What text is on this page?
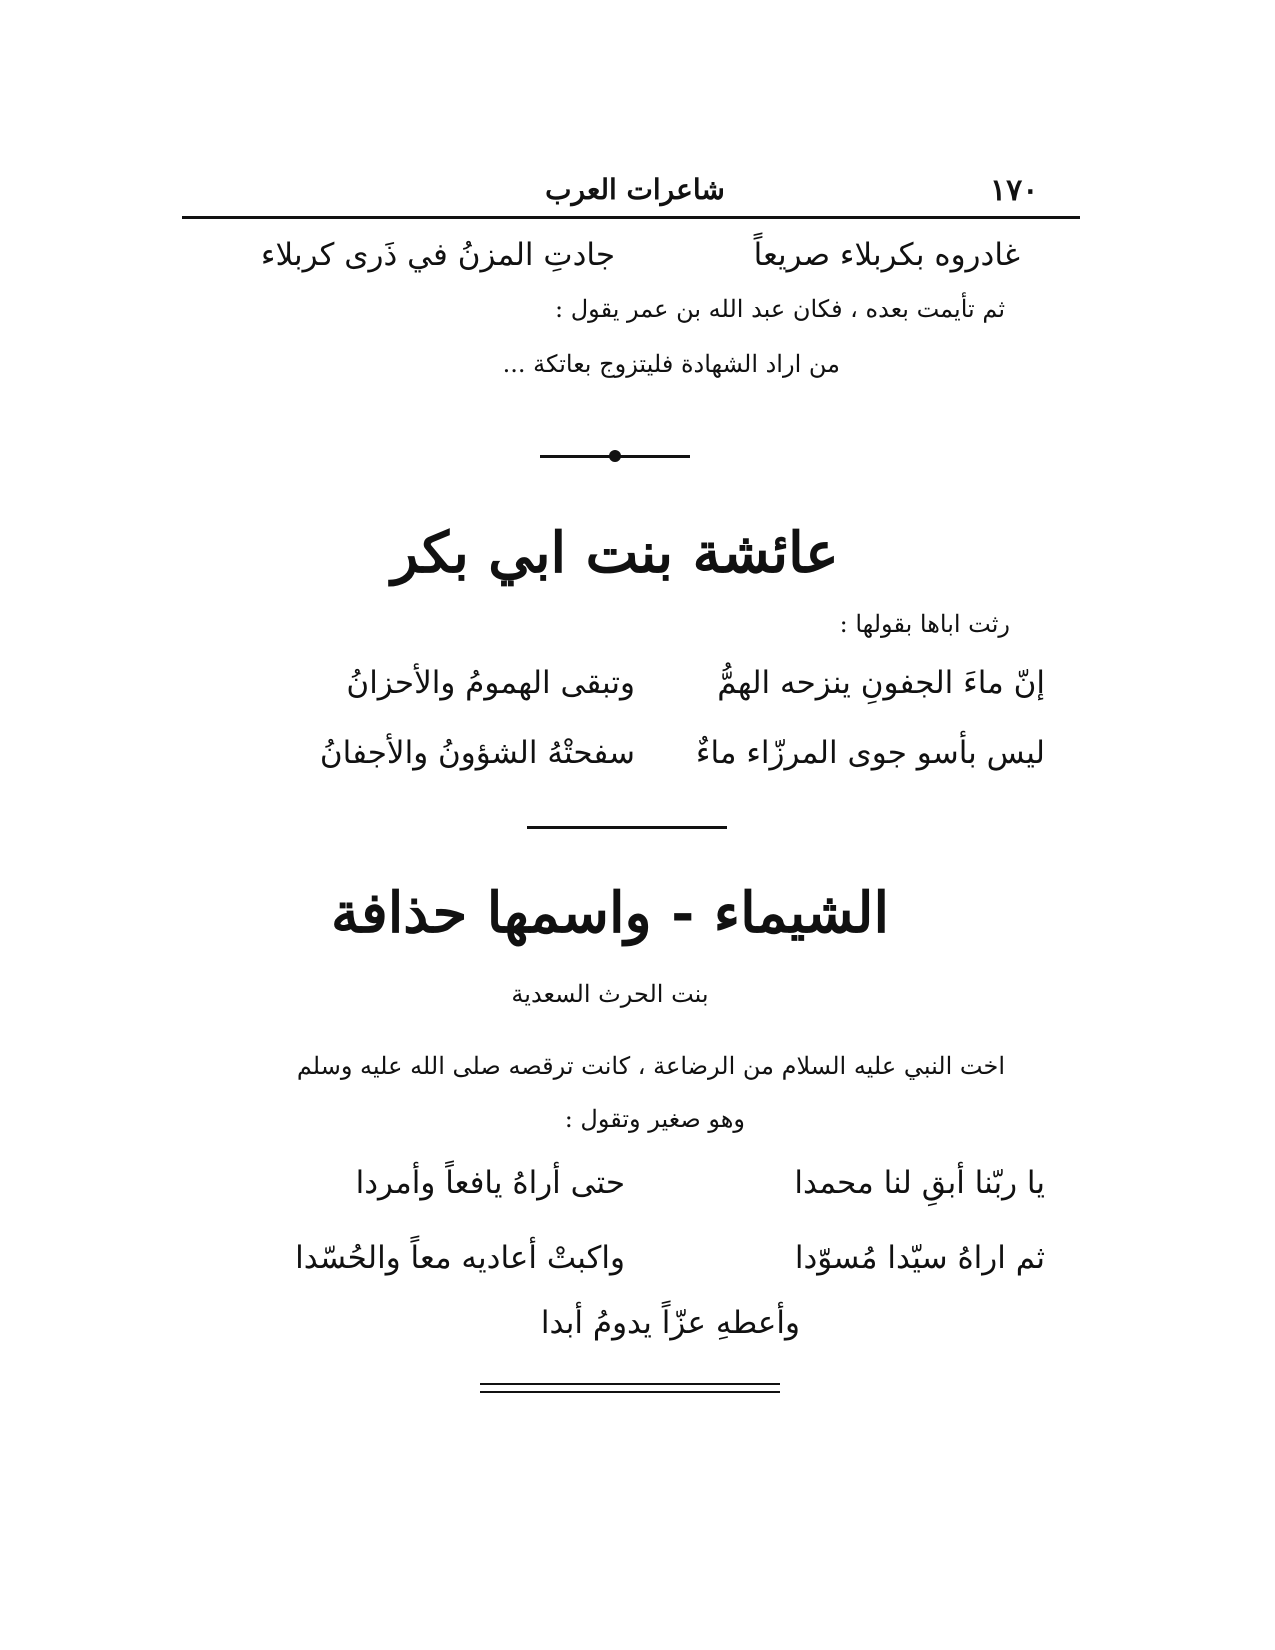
١٧٠
شاعرات العرب
غادروه بكربلاء صريعاً
جادتِ المزنُ في ذَرى كربلاء
ثم تأيمت بعده ، فكان عبد الله بن عمر يقول :
من اراد الشهادة فليتزوج بعاتكة ...
عائشة بنت ابي بكر
رثت اباها بقولها :
إنّ ماءَ الجفونِ ينزحه الهمُّ
وتبقى الهمومُ والأحزانُ
ليس بأسو جوى المرزّاء ماءٌ
سفحتْهُ الشؤونُ والأجفانُ
الشيماء - واسمها حذافة
بنت الحرث السعدية
اخت النبي عليه السلام من الرضاعة ، كانت ترقصه صلى الله عليه وسلم
وهو صغير وتقول :
يا ربّنا أبقِ لنا محمدا
حتى أراهُ يافعاً وأمردا
ثم اراهُ سيّدا مُسوّدا
واكبتْ أعاديه معاً والحُسّدا
وأعطهِ عزّاً يدومُ أبدا
